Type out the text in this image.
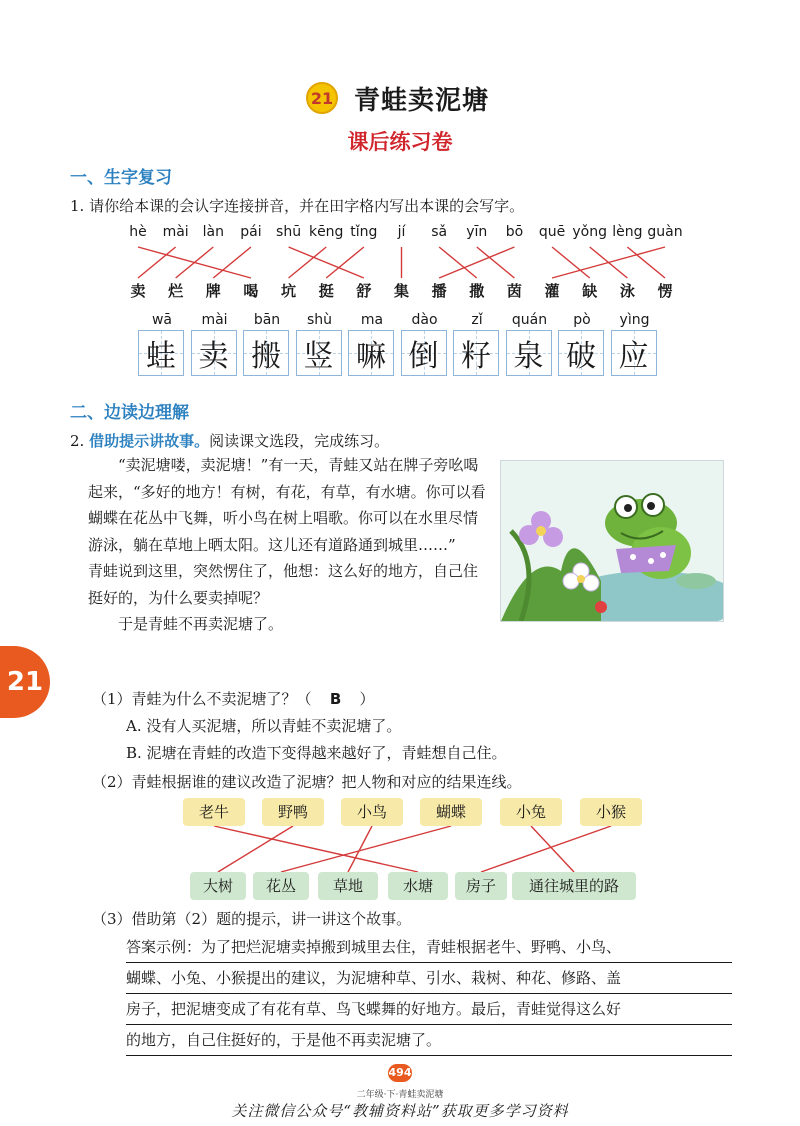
21 青蛙卖泥塘
课后练习卷
一、生字复习
1. 请你给本课的会认字连接拼音，并在田字格内写出本课的会写字。
hè mài làn pái shū kēng tǐng jí sǎ yīn bō quē yǒng lèng guàn
卖 烂 牌 喝 坑 挺 舒 集 播 撒 茵 灌 缺 泳 愣
wā
蛙
mài
卖
bān
搬
shù
竖
ma
嘛
dào
倒
zǐ
籽
quán
泉
pò
破
yìng
应
二、边读边理解
2. 借助提示讲故事。阅读课文选段，完成练习。

“卖泥塘喽，卖泥塘！”有一天，青蛙又站在牌子旁吆喝起来，“多好的地方！有树，有花，有草，有水塘。你可以看蝴蝶在花丛中飞舞，听小鸟在树上唱歌。你可以在水里尽情游泳，躺在草地上晒太阳。这儿还有道路通到城里……”

青蛙说到这里，突然愣住了，他想：这么好的地方，自己住挺好的，为什么要卖掉呢？

于是青蛙不再卖泥塘了。

21
（1）青蛙为什么不卖泥塘了？（ B ）
A. 没有人买泥塘，所以青蛙不卖泥塘了。
B. 泥塘在青蛙的改造下变得越来越好了，青蛙想自己住。
（2）青蛙根据谁的建议改造了泥塘？把人物和对应的结果连线。
老牛	野鸭	小鸟	蝴蝶	小兔	小猴
大树	花丛	草地	水塘	房子	通往城里的路
（3）借助第（2）题的提示，讲一讲这个故事。
答案示例：为了把烂泥塘卖掉搬到城里去住，青蛙根据老牛、野鸭、小鸟、
蝴蝶、小兔、小猴提出的建议，为泥塘种草、引水、栽树、种花、修路、盖
房子，把泥塘变成了有花有草、鸟飞蝶舞的好地方。最后，青蛙觉得这么好
的地方，自己住挺好的，于是他不再卖泥塘了。
494
二年级·下·青蛙卖泥塘
关注微信公众号“教辅资料站”获取更多学习资料
